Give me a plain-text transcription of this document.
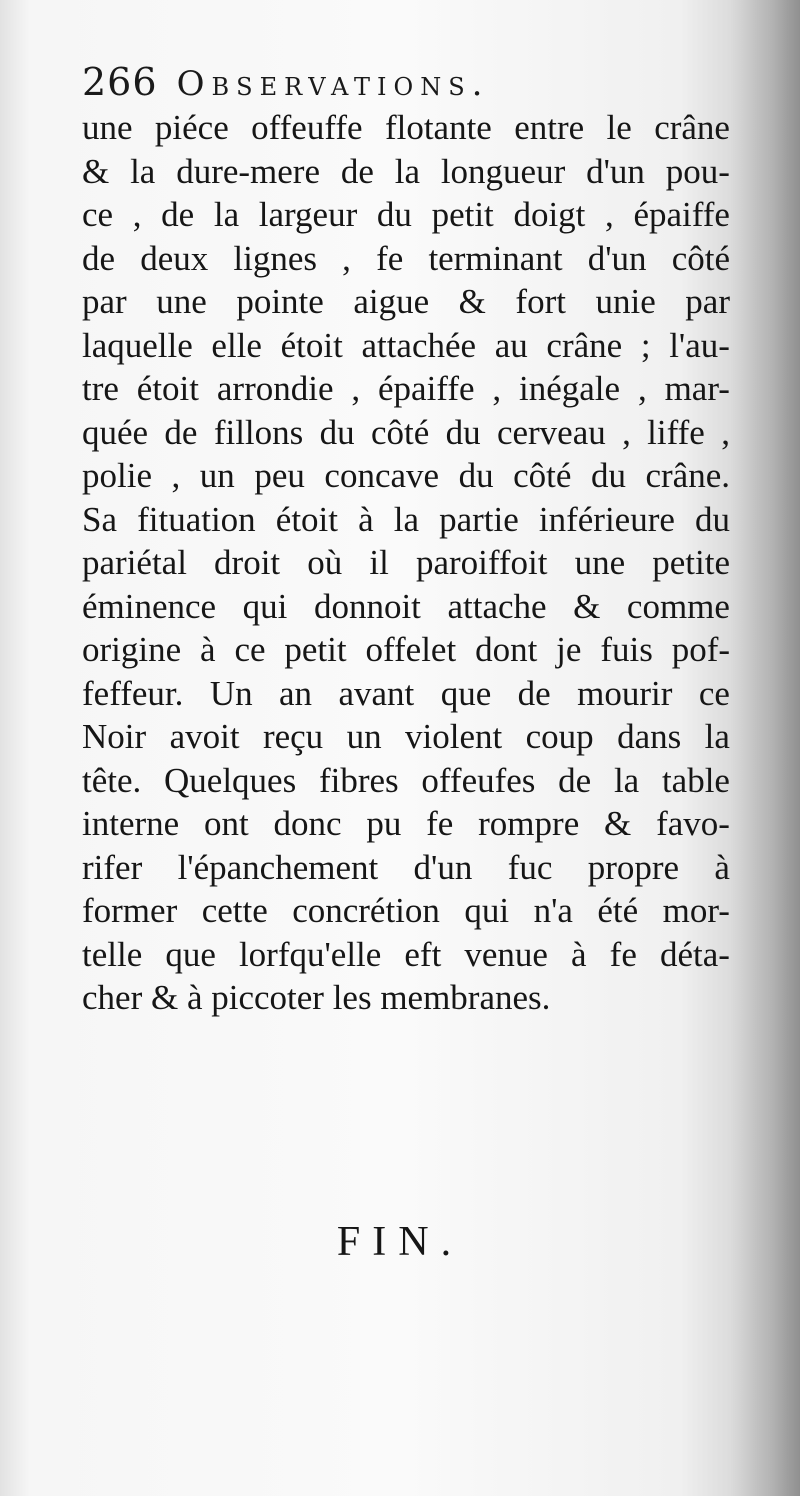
266 Observations.
une piéce offeuffe flotante entre le crâne
& la dure-mere de la longueur d'un pou-
ce , de la largeur du petit doigt , épaiffe
de deux lignes , fe terminant d'un côté
par une pointe aigue & fort unie par
laquelle elle étoit attachée au crâne ; l'au-
tre étoit arrondie , épaiffe , inégale , mar-
quée de fillons du côté du cerveau , liffe ,
polie , un peu concave du côté du crâne.
Sa fituation étoit à la partie inférieure du
pariétal droit où il paroiffoit une petite
éminence qui donnoit attache & comme
origine à ce petit offelet dont je fuis pof-
feffeur. Un an avant que de mourir ce
Noir avoit reçu un violent coup dans la
tête. Quelques fibres offeufes de la table
interne ont donc pu fe rompre & favo-
rifer l'épanchement d'un fuc propre à
former cette concrétion qui n'a été mor-
telle que lorfqu'elle eft venue à fe déta-
cher & à piccoter les membranes.
FIN.
